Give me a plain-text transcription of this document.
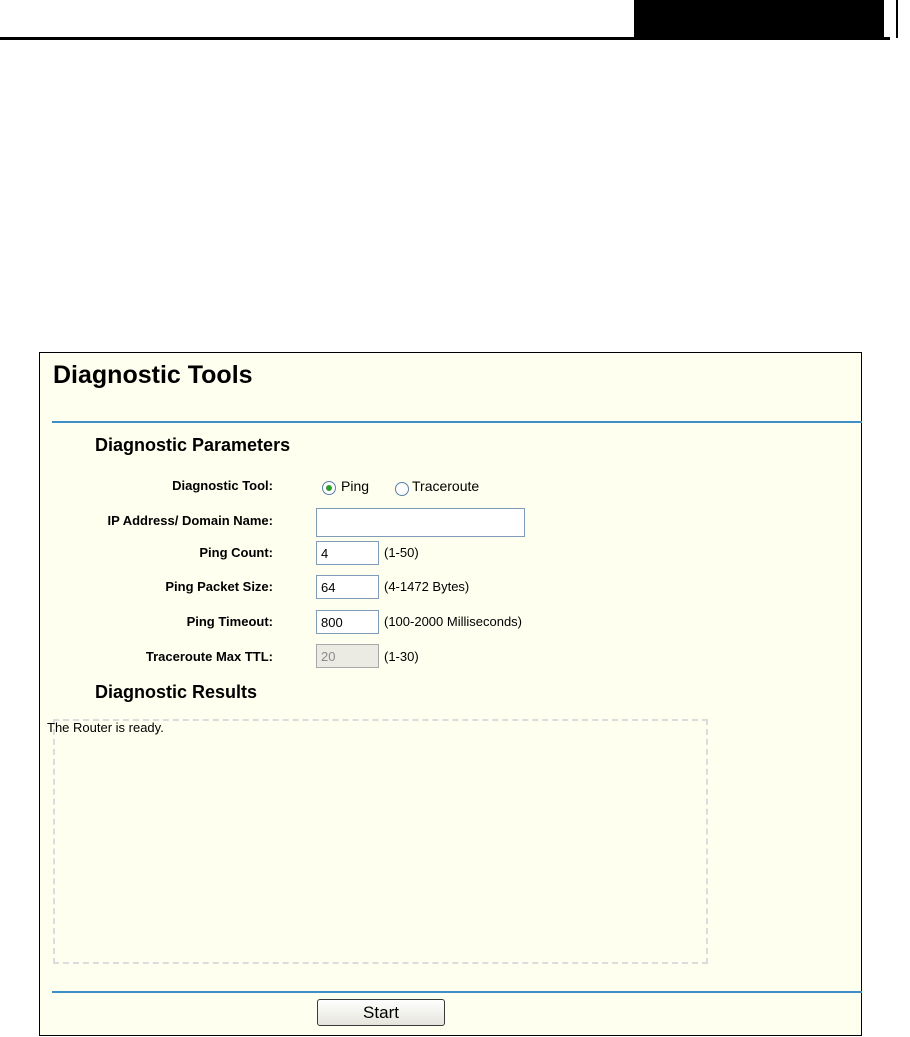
Diagnostic Tools
Diagnostic Parameters
Diagnostic Tool:	Ping	Traceroute
IP Address/ Domain Name:
Ping Count:
4	(1-50)
Ping Packet Size:
64	(4-1472 Bytes)
Ping Timeout:
800	(100-2000 Milliseconds)
Traceroute Max TTL:
20	(1-30)
Diagnostic Results
The Router is ready.
Start
